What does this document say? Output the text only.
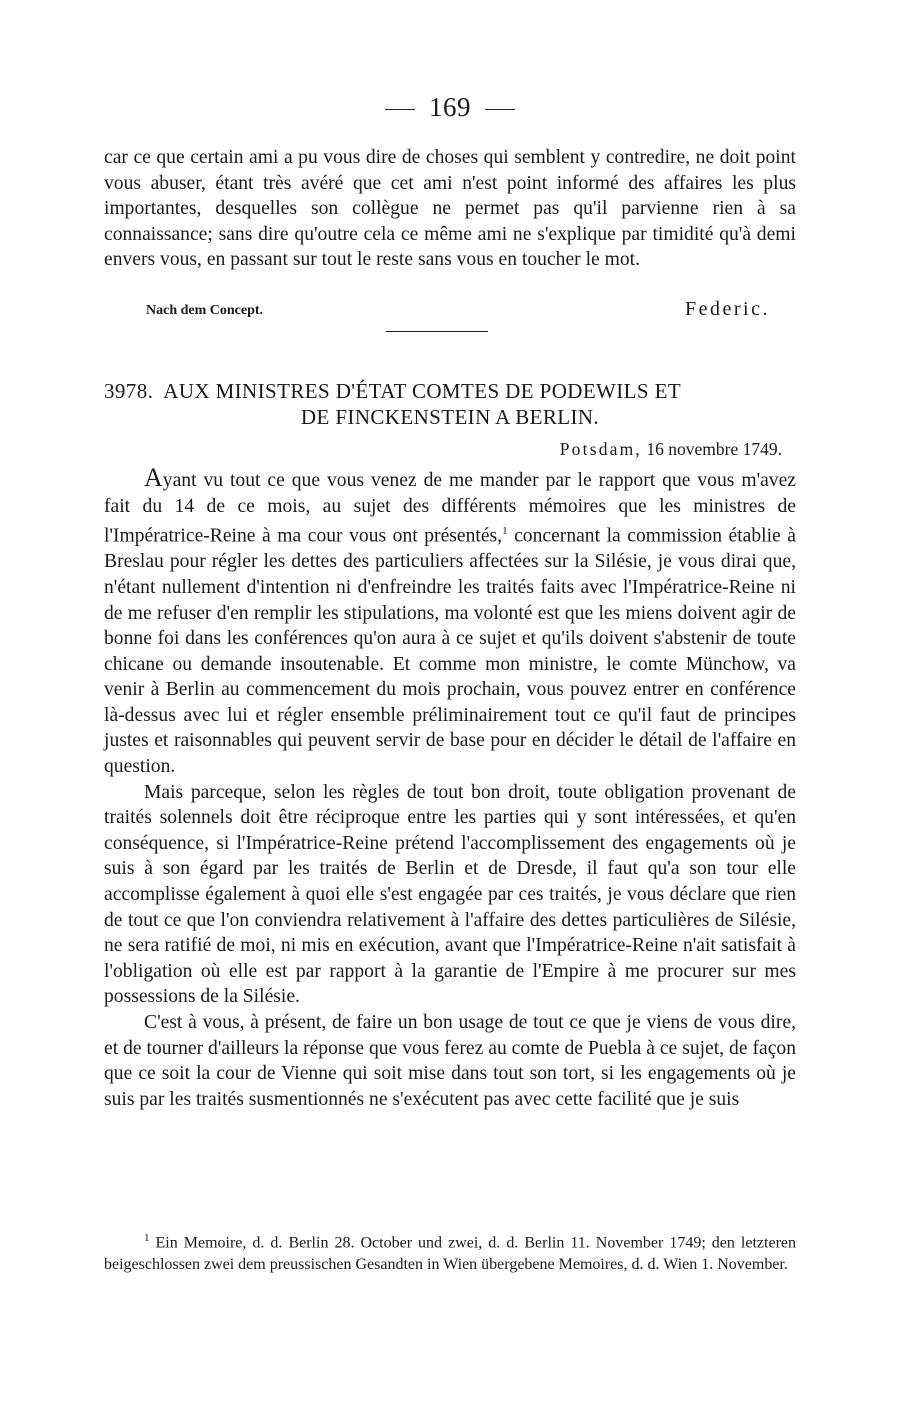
169

car ce que certain ami a pu vous dire de choses qui semblent y contredire, ne doit point vous abuser, étant très avéré que cet ami n'est point informé des affaires les plus importantes, desquelles son collègue ne permet pas qu'il parvienne rien à sa connaissance; sans dire qu'outre cela ce même ami ne s'explique par timidité qu'à demi envers vous, en passant sur tout le reste sans vous en toucher le mot.

Nach dem Concept.	Federic.
3978. AUX MINISTRES D'ÉTAT COMTES DE PODEWILS ET
DE FINCKENSTEIN A BERLIN.
Potsdam, 16 novembre 1749.

Ayant vu tout ce que vous venez de me mander par le rapport que vous m'avez fait du 14 de ce mois, au sujet des différents mémoires que les ministres de l'Impératrice-Reine à ma cour vous ont présentés,$^1$ concernant la commission établie à Breslau pour régler les dettes des particuliers affectées sur la Silésie, je vous dirai que, n'étant nullement d'intention ni d'enfreindre les traités faits avec l'Impératrice-Reine ni de me refuser d'en remplir les stipulations, ma volonté est que les miens doivent agir de bonne foi dans les conférences qu'on aura à ce sujet et qu'ils doivent s'abstenir de toute chicane ou demande insoutenable. Et comme mon ministre, le comte Münchow, va venir à Berlin au commencement du mois prochain, vous pouvez entrer en conférence là-dessus avec lui et régler ensemble préliminairement tout ce qu'il faut de principes justes et raisonnables qui peuvent servir de base pour en décider le détail de l'affaire en question.

Mais parceque, selon les règles de tout bon droit, toute obligation provenant de traités solennels doit être réciproque entre les parties qui y sont intéressées, et qu'en conséquence, si l'Impératrice-Reine prétend l'accomplissement des engagements où je suis à son égard par les traités de Berlin et de Dresde, il faut qu'a son tour elle accomplisse également à quoi elle s'est engagée par ces traités, je vous déclare que rien de tout ce que l'on conviendra relativement à l'affaire des dettes particulières de Silésie, ne sera ratifié de moi, ni mis en exécution, avant que l'Impératrice-Reine n'ait satisfait à l'obligation où elle est par rapport à la garantie de l'Empire à me procurer sur mes possessions de la Silésie.

C'est à vous, à présent, de faire un bon usage de tout ce que je viens de vous dire, et de tourner d'ailleurs la réponse que vous ferez au comte de Puebla à ce sujet, de façon que ce soit la cour de Vienne qui soit mise dans tout son tort, si les engagements où je suis par les traités susmentionnés ne s'exécutent pas avec cette facilité que je suis

$^1$ Ein Memoire, d. d. Berlin 28. October und zwei, d. d. Berlin 11. November 1749; den letzteren beigeschlossen zwei dem preussischen Gesandten in Wien übergebene Memoires, d. d. Wien 1. November.
